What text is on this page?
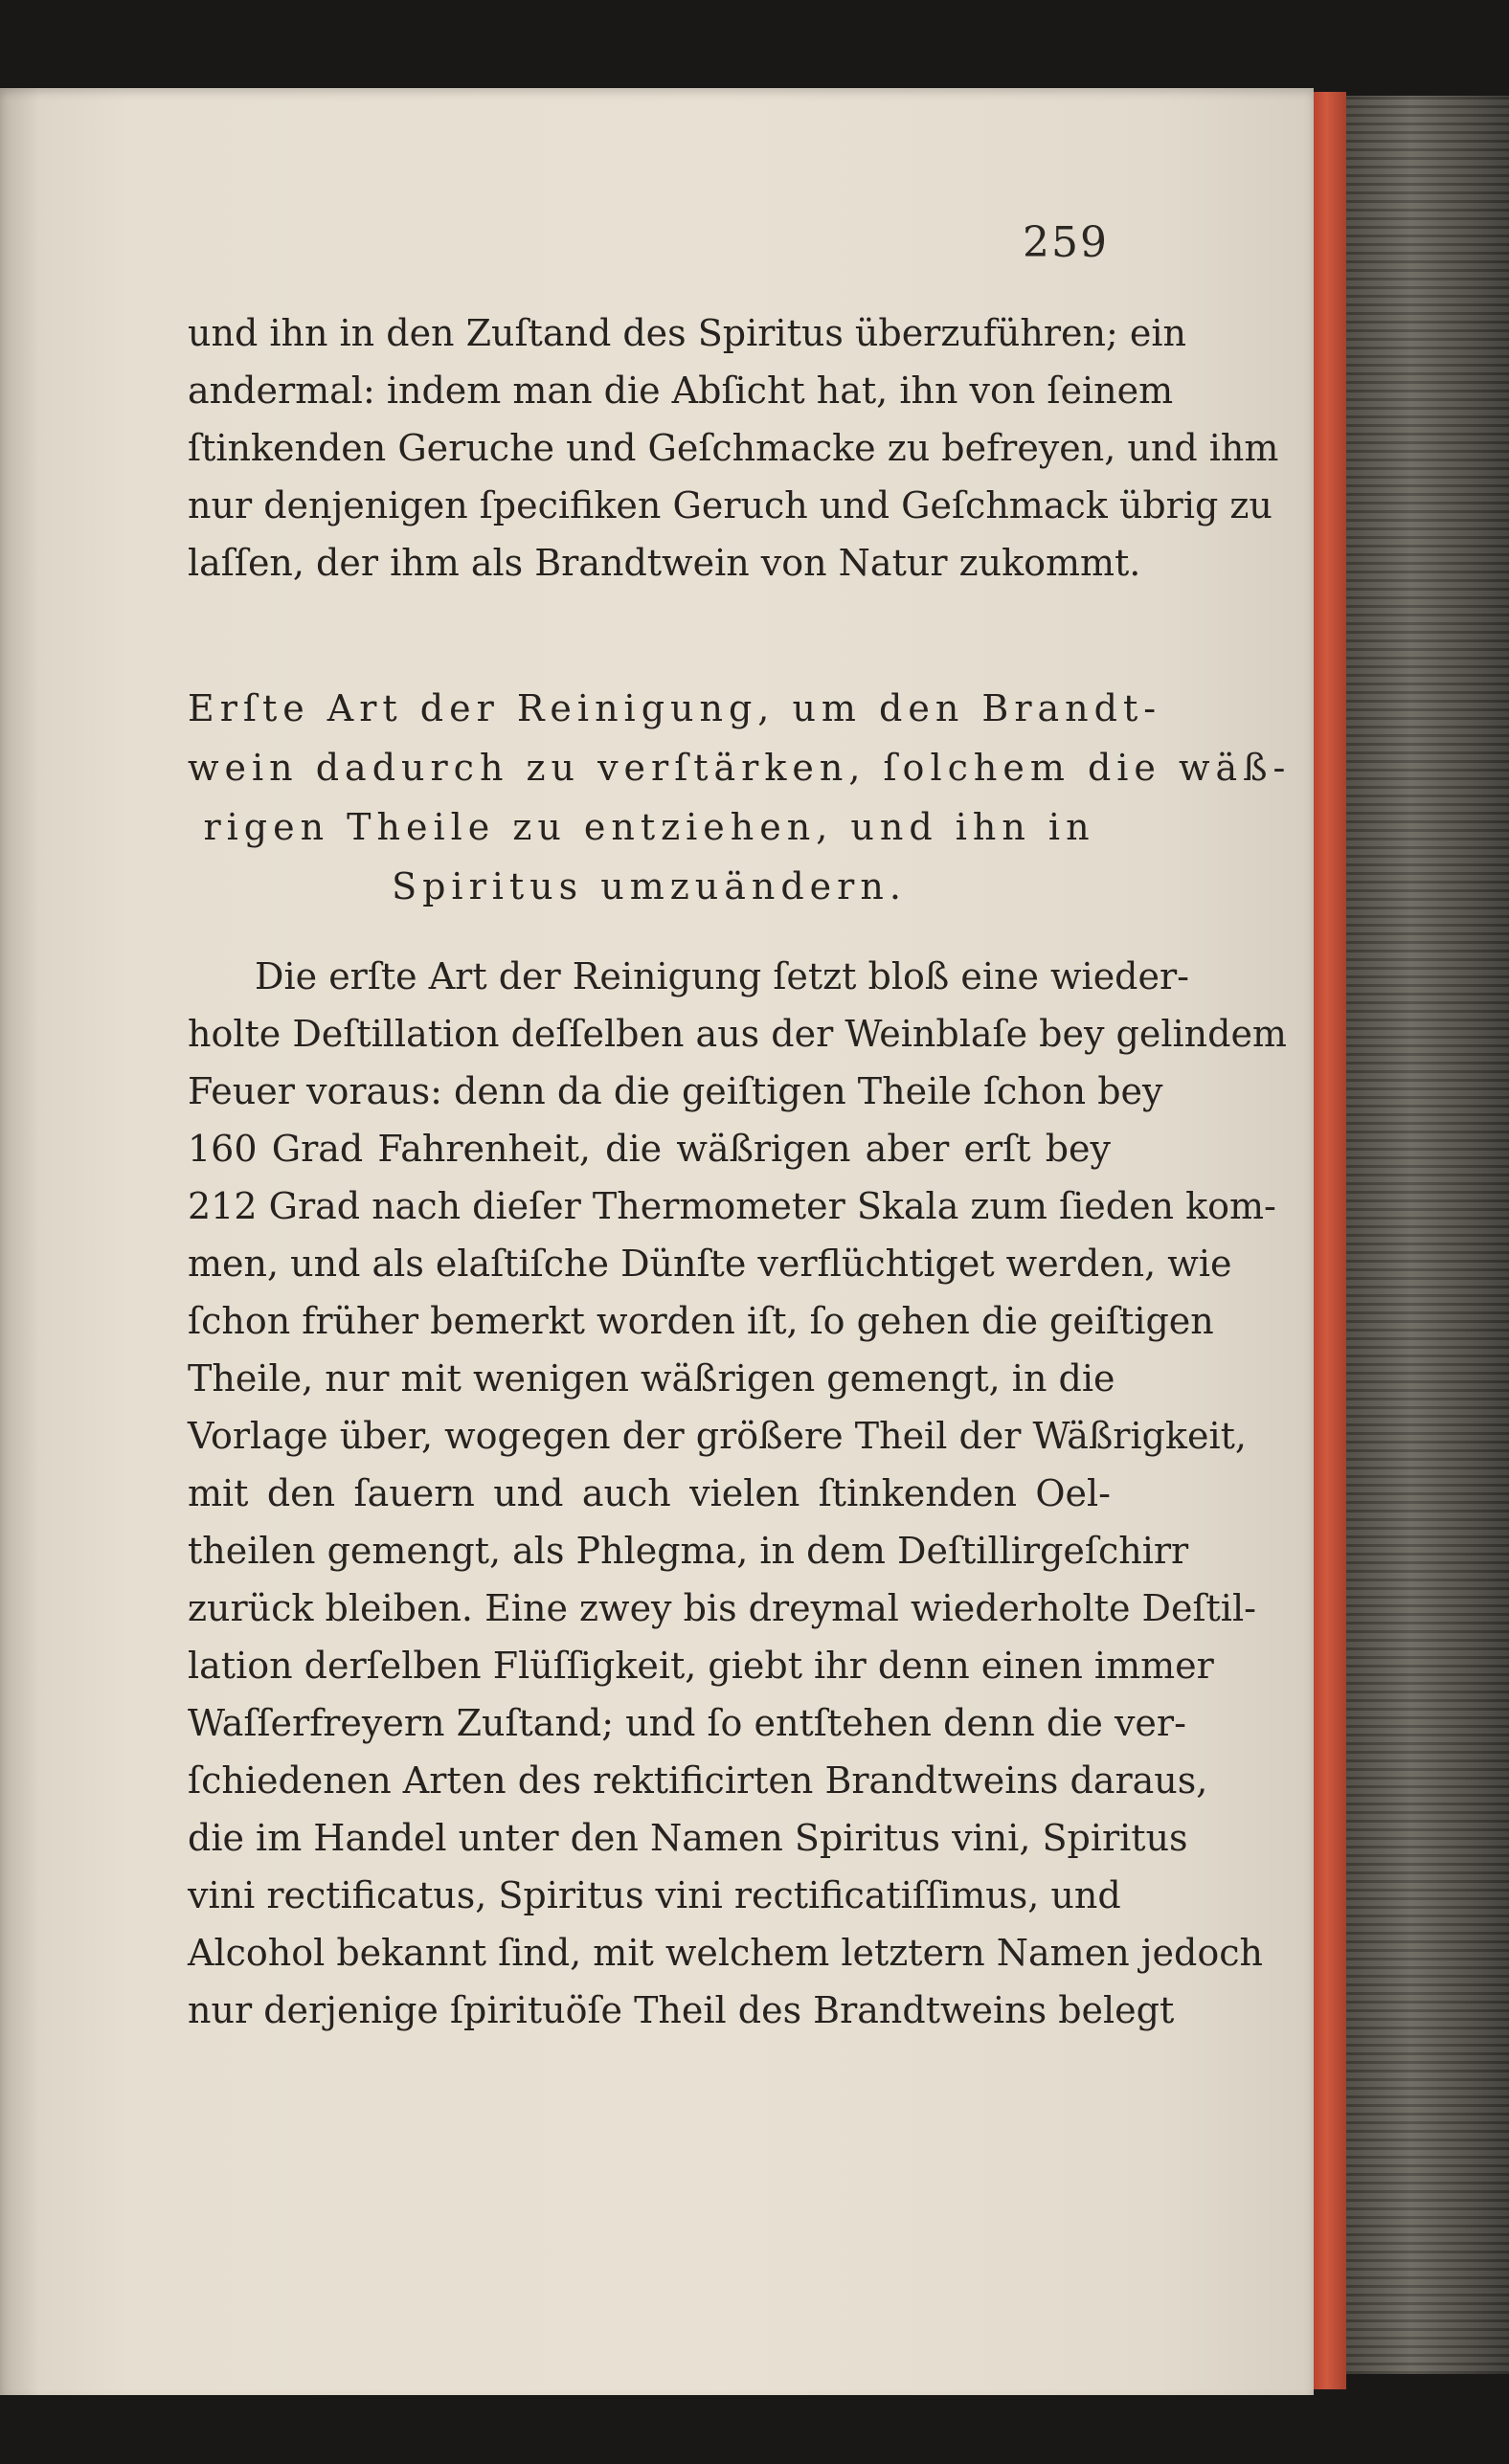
259
und ihn in den Zuſtand des Spiritus überzuführen; ein
andermal: indem man die Abſicht hat, ihn von ſeinem
ſtinkenden Geruche und Geſchmacke zu befreyen, und ihm
nur denjenigen ſpecifiken Geruch und Geſchmack übrig zu
laſſen, der ihm als Brandtwein von Natur zukommt.
Erſte Art der Reinigung, um den Brandt-
wein dadurch zu verſtärken, ſolchem die wäß-
rigen Theile zu entziehen, und ihn in
Spiritus umzuändern.
Die erſte Art der Reinigung ſetzt bloß eine wieder-
holte Deſtillation deſſelben aus der Weinblaſe bey gelindem
Feuer voraus: denn da die geiſtigen Theile ſchon bey
160 Grad Fahrenheit, die wäßrigen aber erſt bey
212 Grad nach dieſer Thermometer Skala zum ſieden kom-
men, und als elaſtiſche Dünſte verflüchtiget werden, wie
ſchon früher bemerkt worden iſt, ſo gehen die geiſtigen
Theile, nur mit wenigen wäßrigen gemengt, in die
Vorlage über, wogegen der größere Theil der Wäßrigkeit,
mit den ſauern und auch vielen ſtinkenden Oel-
theilen gemengt, als Phlegma, in dem Deſtillirgeſchirr
zurück bleiben. Eine zwey bis dreymal wiederholte Deſtil-
lation derſelben Flüſſigkeit, giebt ihr denn einen immer
Waſſerfreyern Zuſtand; und ſo entſtehen denn die ver-
ſchiedenen Arten des rektificirten Brandtweins daraus,
die im Handel unter den Namen Spiritus vini, Spiritus
vini rectificatus, Spiritus vini rectificatiſſimus, und
Alcohol bekannt ſind, mit welchem letztern Namen jedoch
nur derjenige ſpirituöſe Theil des Brandtweins belegt
